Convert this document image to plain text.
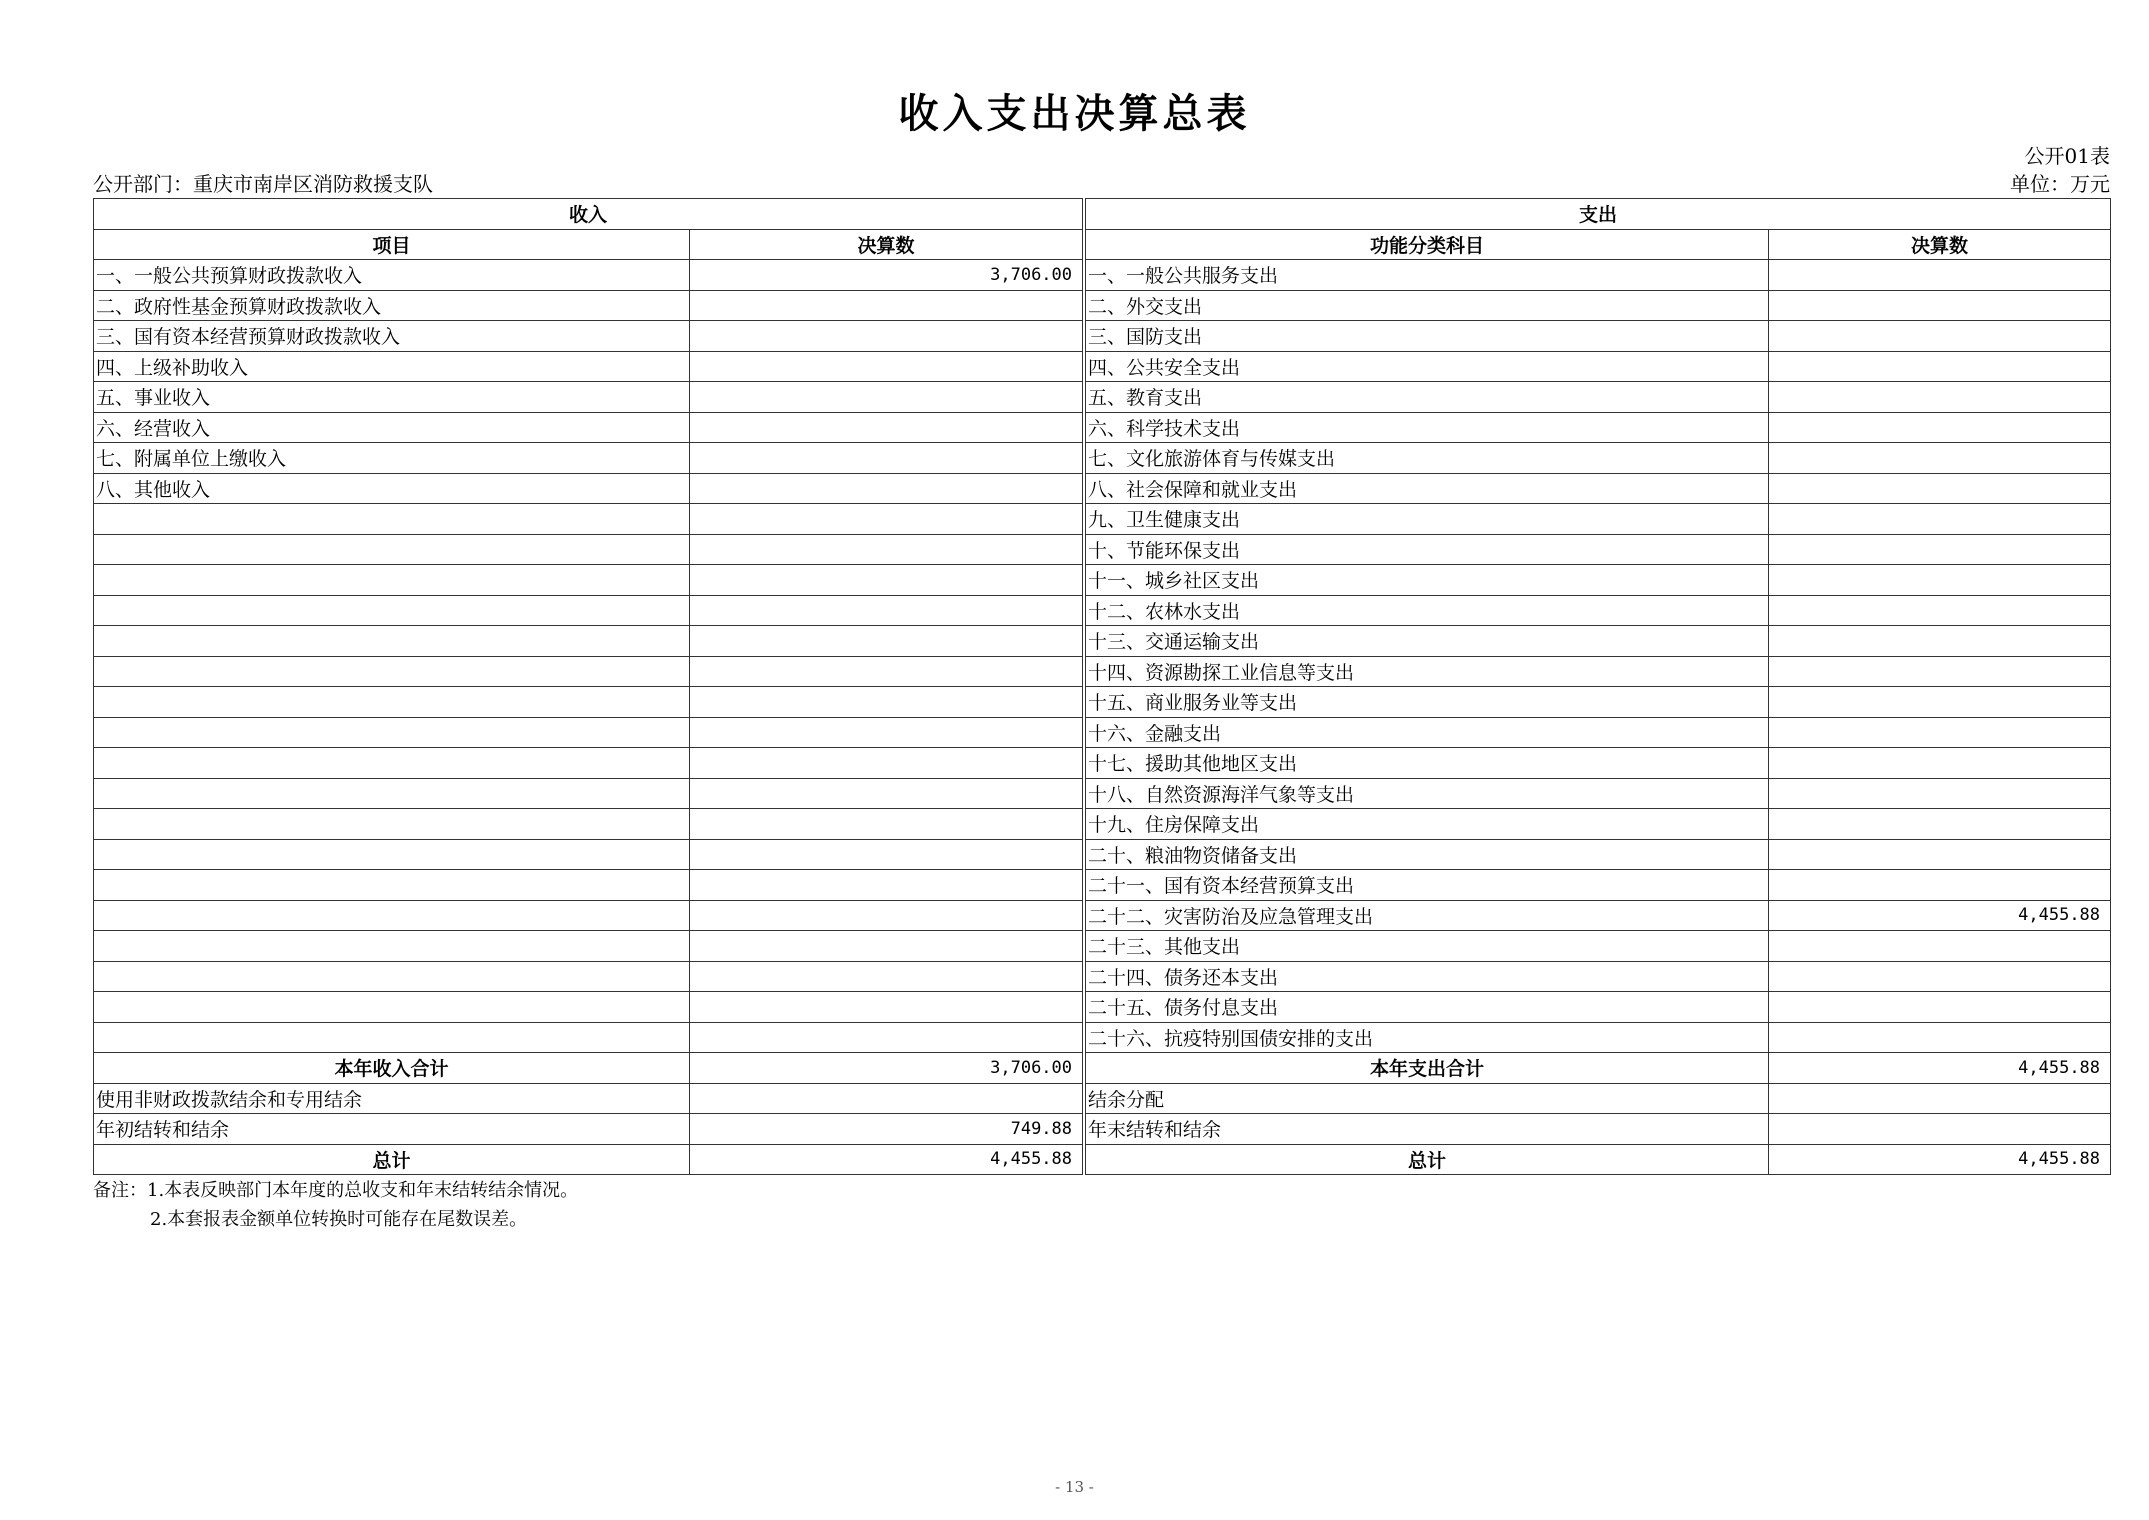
收入支出决算总表
公开01表
公开部门：重庆市南岸区消防救援支队	单位：万元
收入			支出	
项目	决算数		功能分类科目	决算数
一、一般公共预算财政拨款收入	3,706.00		一、一般公共服务支出	
二、政府性基金预算财政拨款收入			二、外交支出	
三、国有资本经营预算财政拨款收入			三、国防支出	
四、上级补助收入			四、公共安全支出	
五、事业收入			五、教育支出	
六、经营收入			六、科学技术支出	
七、附属单位上缴收入			七、文化旅游体育与传媒支出	
八、其他收入			八、社会保障和就业支出	
			九、卫生健康支出	
			十、节能环保支出	
			十一、城乡社区支出	
			十二、农林水支出	
			十三、交通运输支出	
			十四、资源勘探工业信息等支出	
			十五、商业服务业等支出	
			十六、金融支出	
			十七、援助其他地区支出	
			十八、自然资源海洋气象等支出	
			十九、住房保障支出	
			二十、粮油物资储备支出	
			二十一、国有资本经营预算支出	
			二十二、灾害防治及应急管理支出	4,455.88
			二十三、其他支出	
			二十四、债务还本支出	
			二十五、债务付息支出	
			二十六、抗疫特别国债安排的支出	
本年收入合计	3,706.00		本年支出合计	4,455.88
使用非财政拨款结余和专用结余			结余分配	
年初结转和结余	749.88		年末结转和结余	
总计	4,455.88		总计	4,455.88
备注：1.本表反映部门本年度的总收支和年末结转结余情况。
2.本套报表金额单位转换时可能存在尾数误差。
- 13 -
